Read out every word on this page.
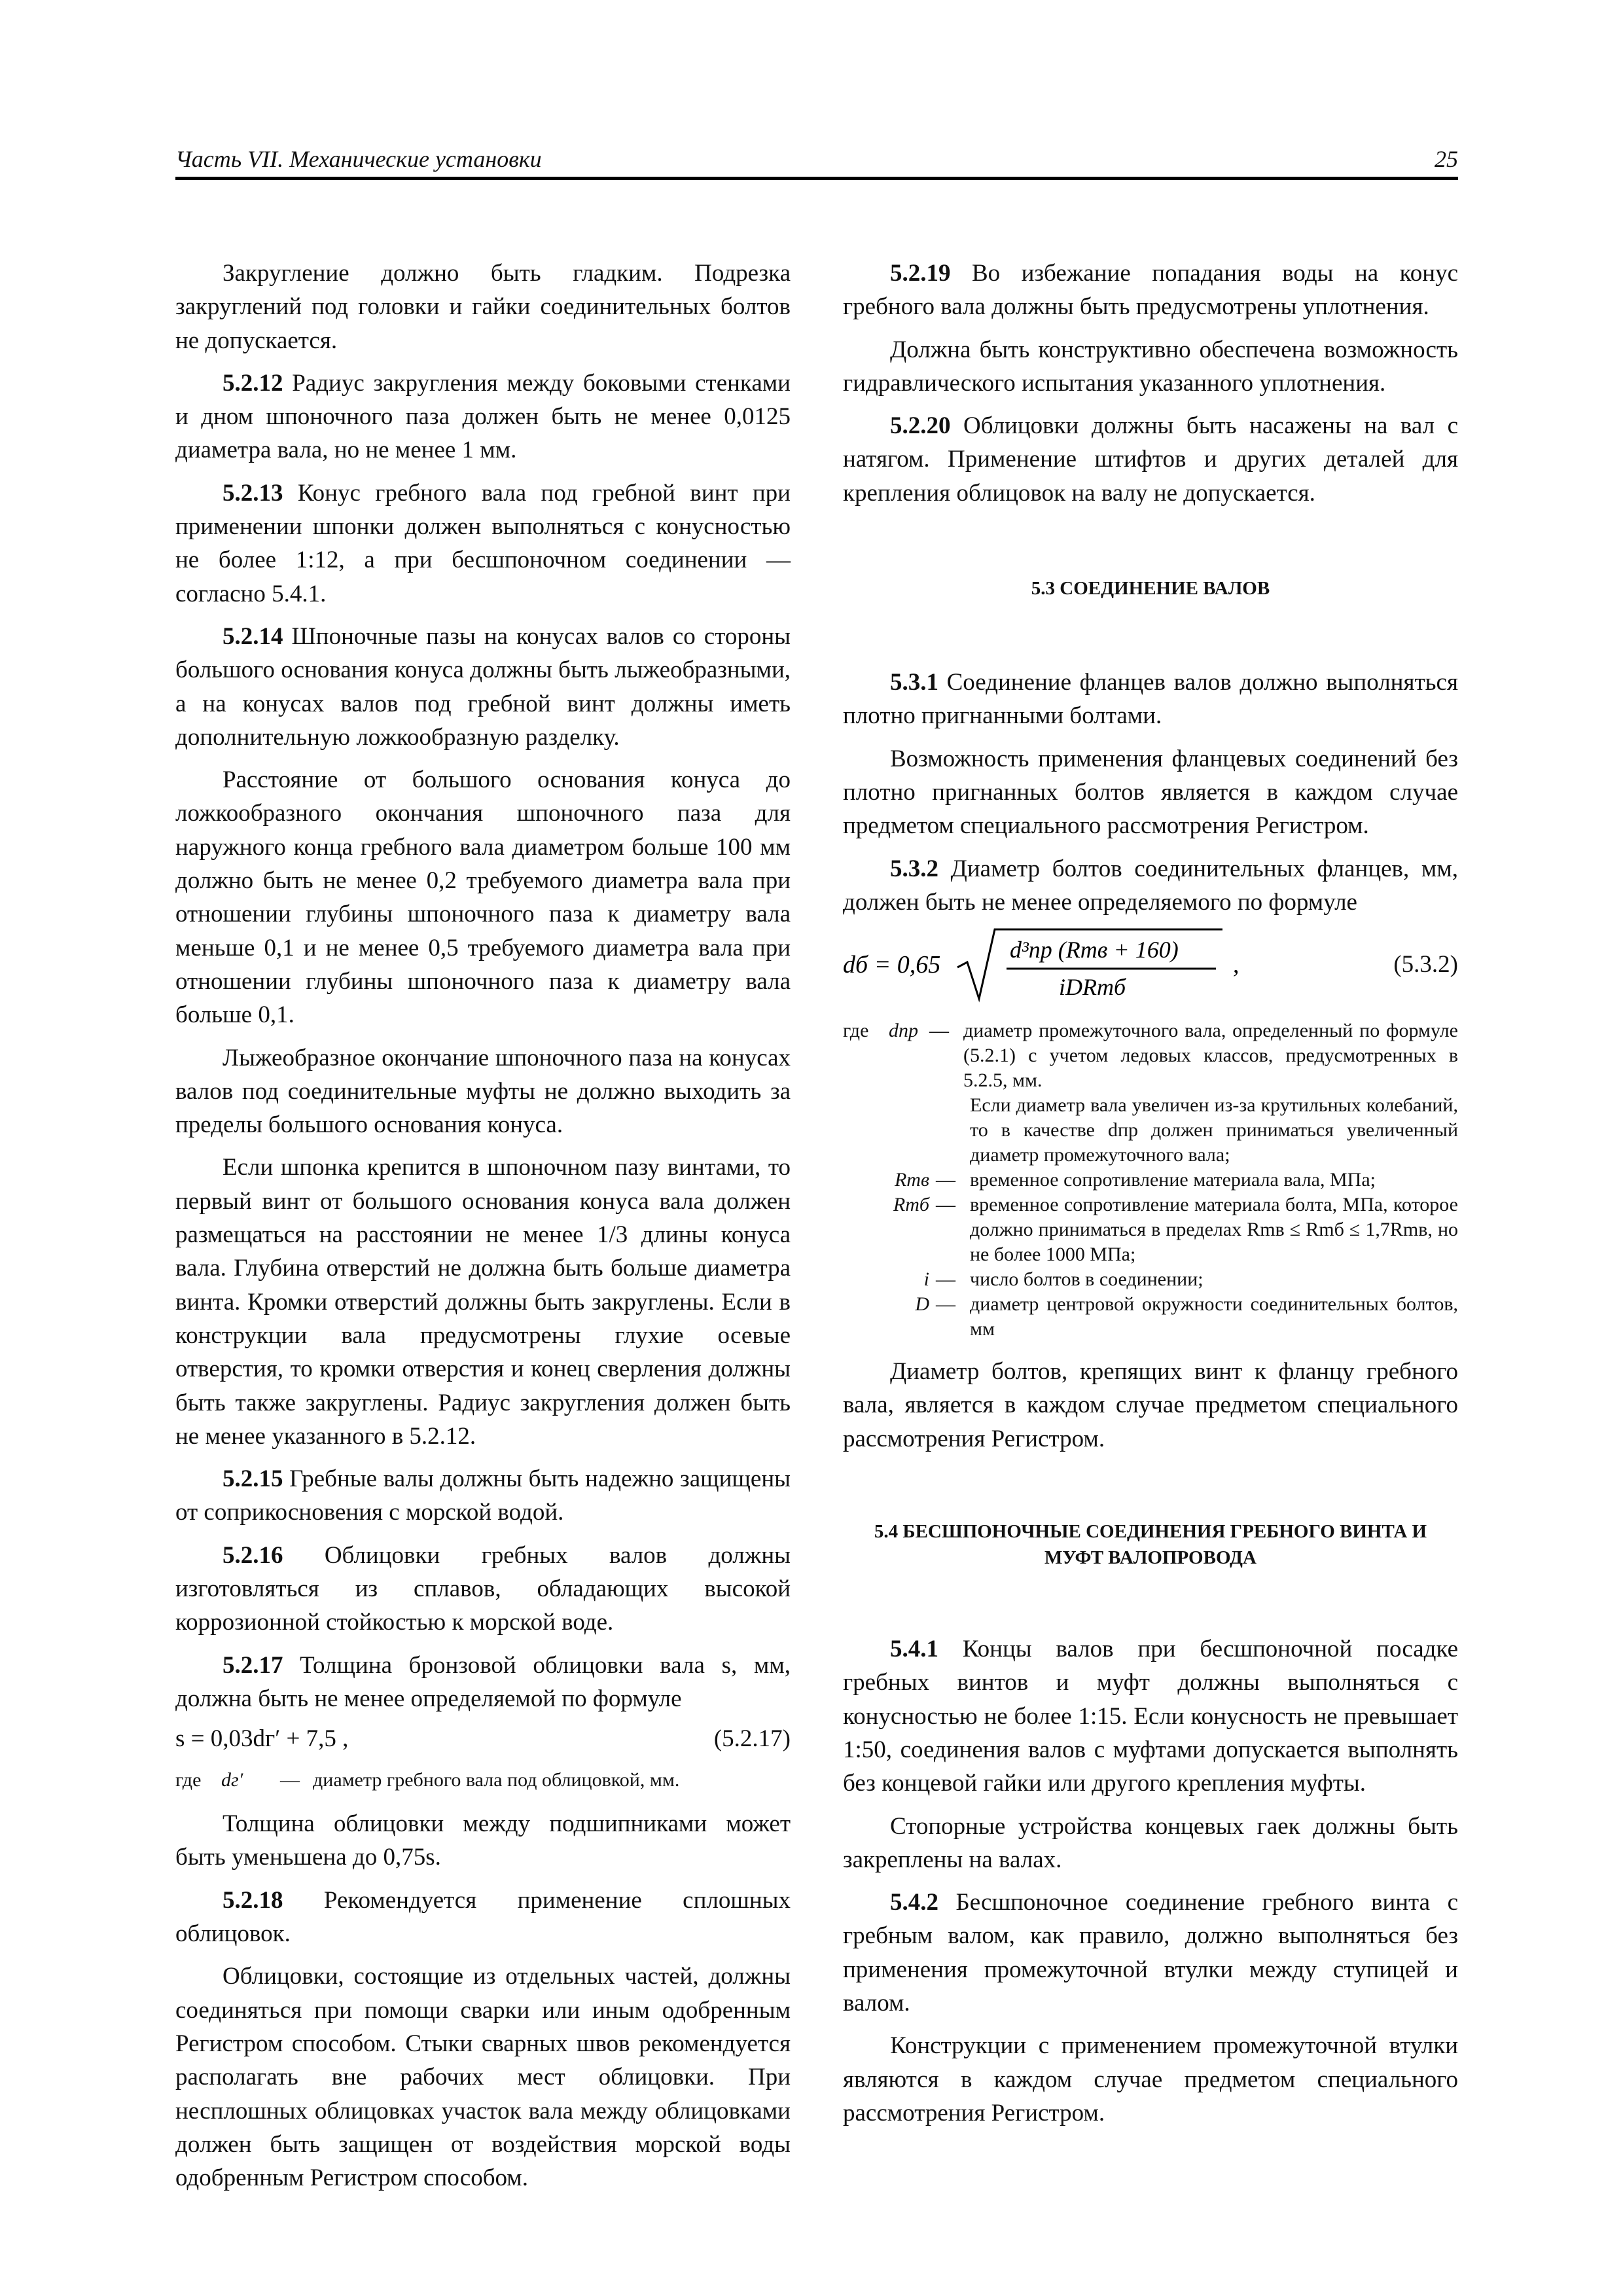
Часть VII. Механические установки	25

Закругление должно быть гладким. Подрезка закруглений под головки и гайки соединительных болтов не допускается.

5.2.12 Радиус закругления между боковыми стенками и дном шпоночного паза должен быть не менее 0,0125 диаметра вала, но не менее 1 мм.

5.2.13 Конус гребного вала под гребной винт при применении шпонки должен выполняться с конусностью не более 1:12, а при бесшпоночном соединении — согласно 5.4.1.

5.2.14 Шпоночные пазы на конусах валов со стороны большого основания конуса должны быть лыжеобразными, а на конусах валов под гребной винт должны иметь дополнительную ложкообразную разделку.

Расстояние от большого основания конуса до ложкообразного окончания шпоночного паза для наружного конца гребного вала диаметром больше 100 мм должно быть не менее 0,2 требуемого диаметра вала при отношении глубины шпоночного паза к диаметру вала меньше 0,1 и не менее 0,5 требуемого диаметра вала при отношении глубины шпоночного паза к диаметру вала больше 0,1.

Лыжеобразное окончание шпоночного паза на конусах валов под соединительные муфты не должно выходить за пределы большого основания конуса.

Если шпонка крепится в шпоночном пазу винтами, то первый винт от большого основания конуса вала должен размещаться на расстоянии не менее 1/3 длины конуса вала. Глубина отверстий не должна быть больше диаметра винта. Кромки отверстий должны быть закруглены. Если в конструкции вала предусмотрены глухие осевые отверстия, то кромки отверстия и конец сверления должны быть также закруглены. Радиус закругления должен быть не менее указанного в 5.2.12.

5.2.15 Гребные валы должны быть надежно защищены от соприкосновения с морской водой.

5.2.16 Облицовки гребных валов должны изготовляться из сплавов, обладающих высокой коррозионной стойкостью к морской воде.

5.2.17 Толщина бронзовой облицовки вала s, мм, должна быть не менее определяемой по формуле

s = 0,03dг′ + 7,5 ,	(5.2.17)
где	dг′	— диаметр гребного вала под облицовкой, мм.

Толщина облицовки между подшипниками может быть уменьшена до 0,75s.

5.2.18 Рекомендуется применение сплошных облицовок.

Облицовки, состоящие из отдельных частей, должны соединяться при помощи сварки или иным одобренным Регистром способом. Стыки сварных швов рекомендуется располагать вне рабочих мест облицовки. При несплошных облицовках участок вала между облицовками должен быть защищен от воздействия морской воды одобренным Регистром способом.

5.2.19 Во избежание попадания воды на конус гребного вала должны быть предусмотрены уплотнения.

Должна быть конструктивно обеспечена возможность гидравлического испытания указанного уплотнения.

5.2.20 Облицовки должны быть насажены на вал с натягом. Применение штифтов и других деталей для крепления облицовок на валу не допускается.

5.3 СОЕДИНЕНИЕ ВАЛОВ

5.3.1 Соединение фланцев валов должно выполняться плотно пригнанными болтами.

Возможность применения фланцевых соединений без плотно пригнанных болтов является в каждом случае предметом специального рассмотрения Регистром.

5.3.2 Диаметр болтов соединительных фланцев, мм, должен быть не менее определяемого по формуле

dб = 0,65
d³пр (Rmв + 160)
iDRmб
,	(5.3.2)
где	dпр — диаметр промежуточного вала, определенный по формуле (5.2.1) с учетом ледовых классов, предусмотренных в 5.2.5, мм.
Если диаметр вала увеличен из-за крутильных колебаний, то в качестве dпр должен приниматься увеличенный диаметр промежуточного вала;
Rmв — временное сопротивление материала вала, МПа;
Rmб — временное сопротивление материала болта, МПа, которое должно приниматься в пределах Rmв ≤ Rmб ≤ 1,7Rmв, но не более 1000 МПа;
i — число болтов в соединении;
D — диаметр центровой окружности соединительных болтов, мм

Диаметр болтов, крепящих винт к фланцу гребного вала, является в каждом случае предметом специального рассмотрения Регистром.

5.4 БЕСШПОНОЧНЫЕ СОЕДИНЕНИЯ ГРЕБНОГО ВИНТА И МУФТ ВАЛОПРОВОДА

5.4.1 Концы валов при бесшпоночной посадке гребных винтов и муфт должны выполняться с конусностью не более 1:15. Если конусность не превышает 1:50, соединения валов с муфтами допускается выполнять без концевой гайки или другого крепления муфты.

Стопорные устройства концевых гаек должны быть закреплены на валах.

5.4.2 Бесшпоночное соединение гребного винта с гребным валом, как правило, должно выполняться без применения промежуточной втулки между ступицей и валом.

Конструкции с применением промежуточной втулки являются в каждом случае предметом специального рассмотрения Регистром.
